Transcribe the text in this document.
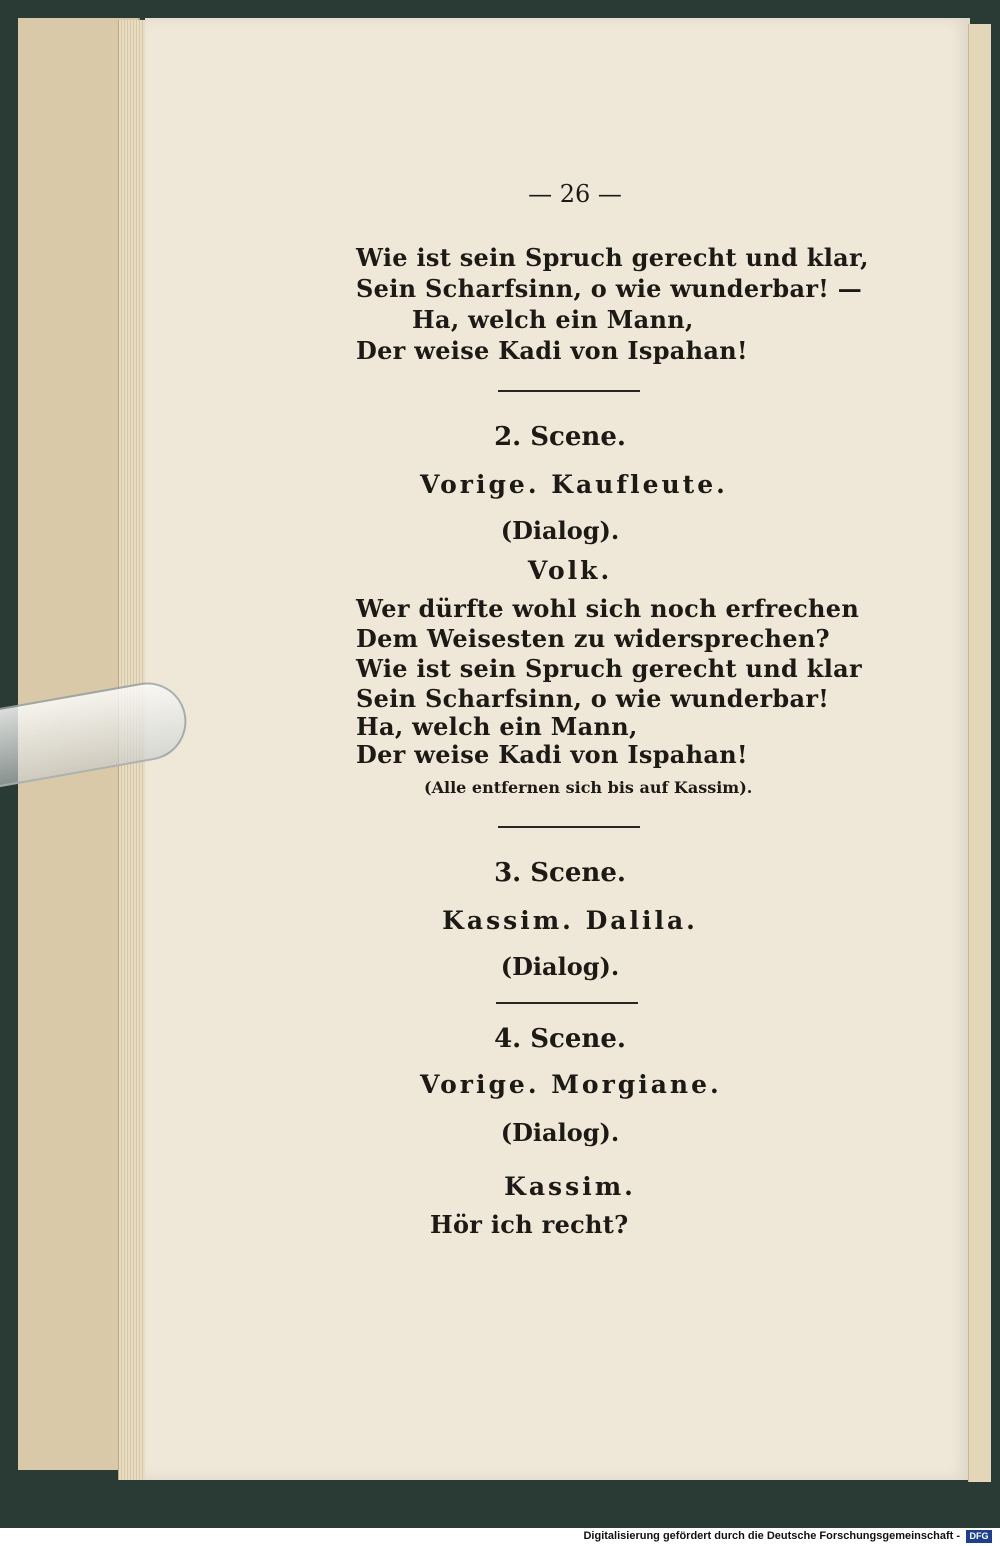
— 26 —
Wie ist sein Spruch gerecht und klar,
Sein Scharfsinn, o wie wunderbar! —
Ha, welch ein Mann,
Der weise Kadi von Ispahan!
2. Scene.
Vorige. Kaufleute.
(Dialog).
Volk.
Wer dürfte wohl sich noch erfrechen
Dem Weisesten zu widersprechen?
Wie ist sein Spruch gerecht und klar
Sein Scharfsinn, o wie wunderbar!
Ha, welch ein Mann,
Der weise Kadi von Ispahan!
(Alle entfernen sich bis auf Kassim).
3. Scene.
Kassim. Dalila.
(Dialog).
4. Scene.
Vorige. Morgiane.
(Dialog).
Kassim.
Hör ich recht?
Digitalisierung gefördert durch die Deutsche Forschungsgemeinschaft -	DFG
